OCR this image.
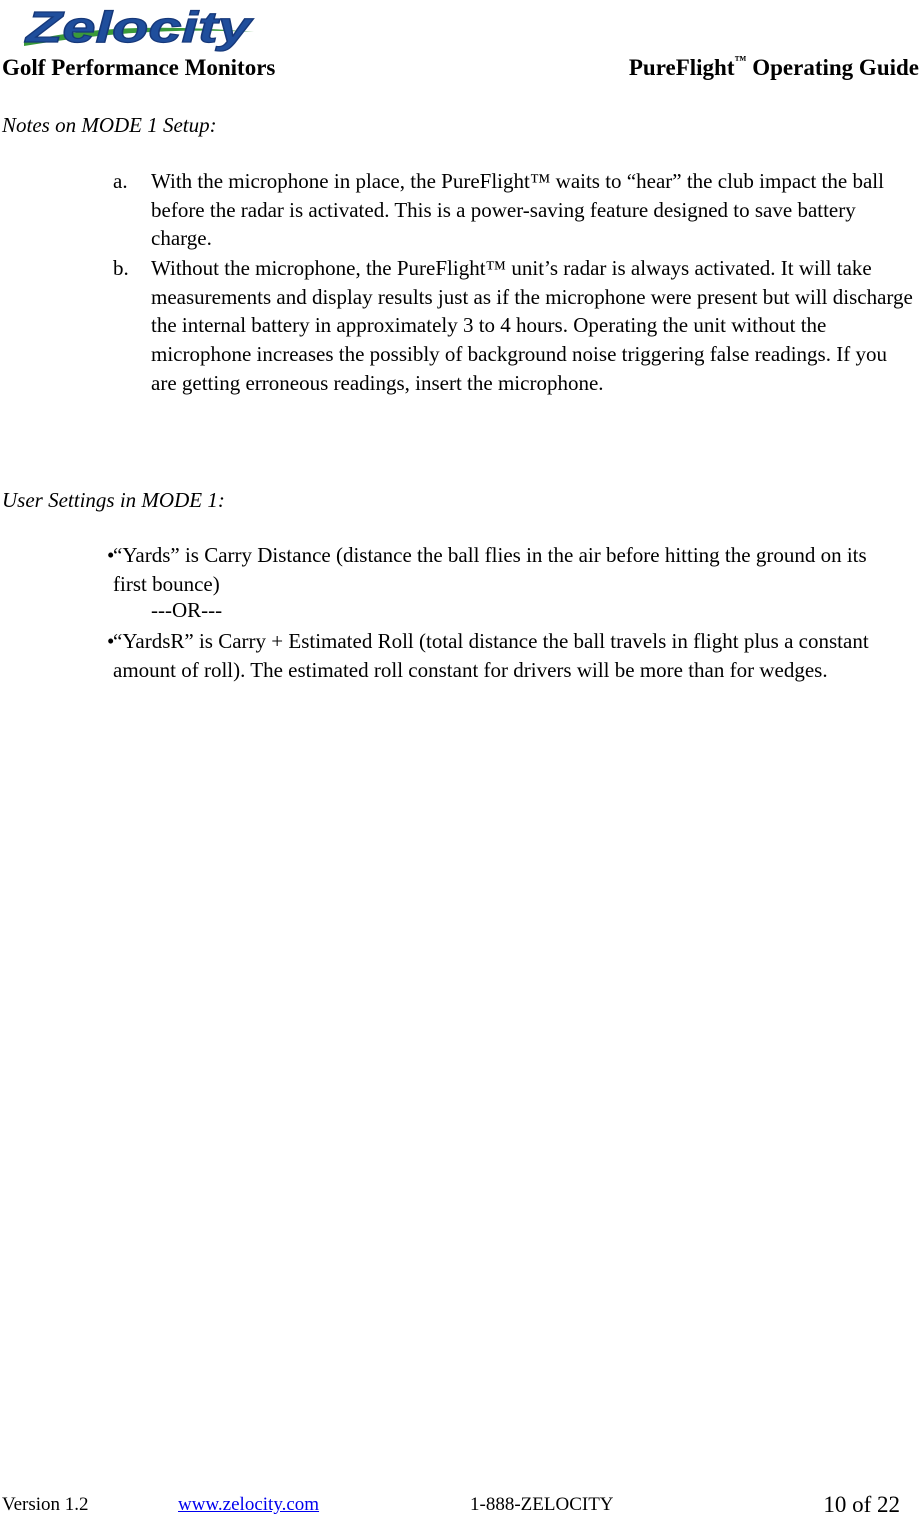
Zelocity
Golf Performance Monitors	PureFlight™ Operating Guide
Notes on MODE 1 Setup:
a. With the microphone in place, the PureFlight™ waits to “hear” the club impact the ball before the radar is activated. This is a power-saving feature designed to save battery charge.
b. Without the microphone, the PureFlight™ unit’s radar is always activated. It will take measurements and display results just as if the microphone were present but will discharge the internal battery in approximately 3 to 4 hours. Operating the unit without the microphone increases the possibly of background noise triggering false readings. If you are getting erroneous readings, insert the microphone.
User Settings in MODE 1:
•
“Yards” is Carry Distance (distance the ball flies in the air before hitting the ground on its first bounce)
---OR---
•
“YardsR” is Carry + Estimated Roll (total distance the ball travels in flight plus a constant amount of roll). The estimated roll constant for drivers will be more than for wedges.
Version 1.2	www.zelocity.com	1-888-ZELOCITY	10 of 22
